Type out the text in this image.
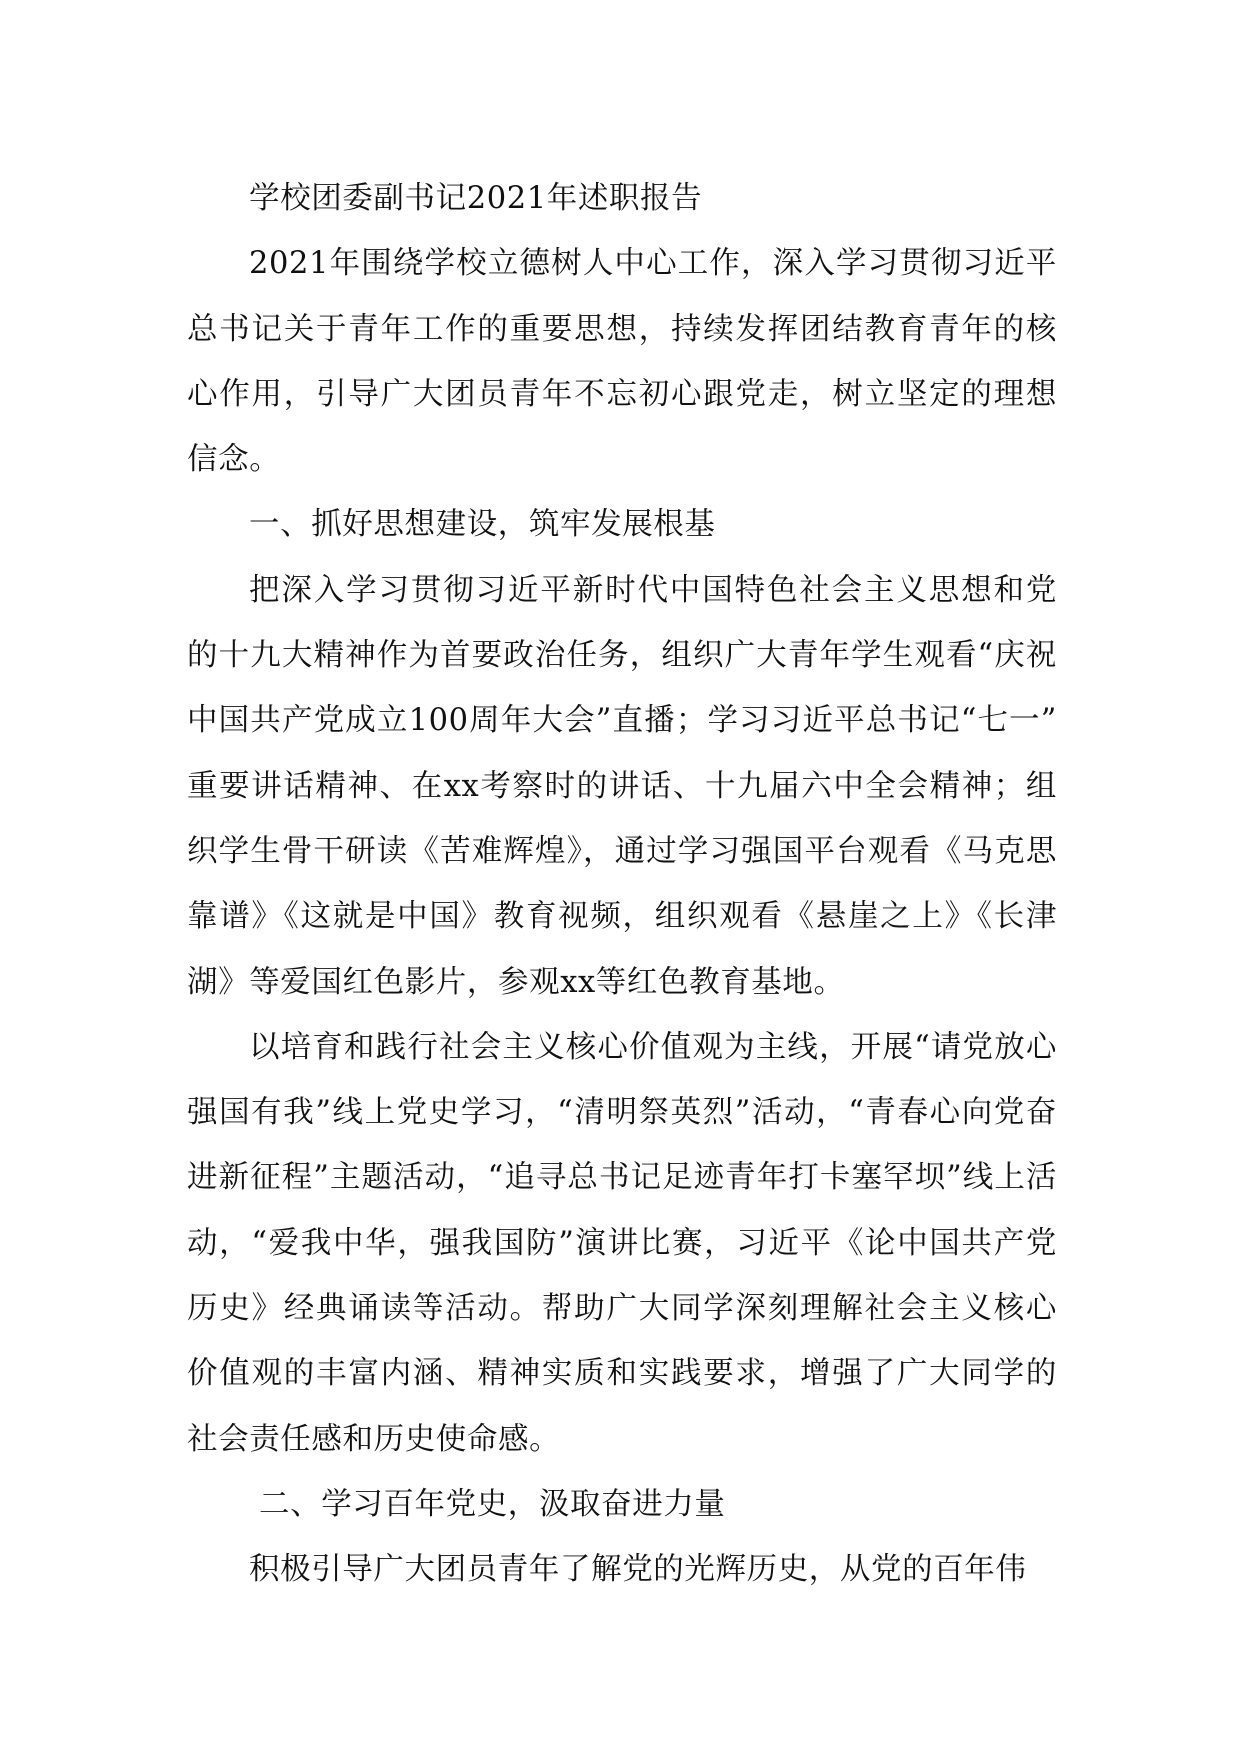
学校团委副书记2021年述职报告

2021年围绕学校立德树人中心工作，深入学习贯彻习近平总书记关于青年工作的重要思想，持续发挥团结教育青年的核心作用，引导广大团员青年不忘初心跟党走，树立坚定的理想信念。

一、抓好思想建设，筑牢发展根基

把深入学习贯彻习近平新时代中国特色社会主义思想和党的十九大精神作为首要政治任务，组织广大青年学生观看“庆祝中国共产党成立100周年大会”直播；学习习近平总书记“七一”重要讲话精神、在xx考察时的讲话、十九届六中全会精神；组织学生骨干研读《苦难辉煌》，通过学习强国平台观看《马克思靠谱》《这就是中国》教育视频，组织观看《悬崖之上》《长津湖》等爱国红色影片，参观xx等红色教育基地。

以培育和践行社会主义核心价值观为主线，开展“请党放心强国有我”线上党史学习，“清明祭英烈”活动，“青春心向党奋进新征程”主题活动，“追寻总书记足迹青年打卡塞罕坝”线上活动，“爱我中华，强我国防”演讲比赛，习近平《论中国共产党历史》经典诵读等活动。帮助广大同学深刻理解社会主义核心价值观的丰富内涵、精神实质和实践要求，增强了广大同学的社会责任感和历史使命感。

二、学习百年党史，汲取奋进力量

积极引导广大团员青年了解党的光辉历史，从党的百年伟
